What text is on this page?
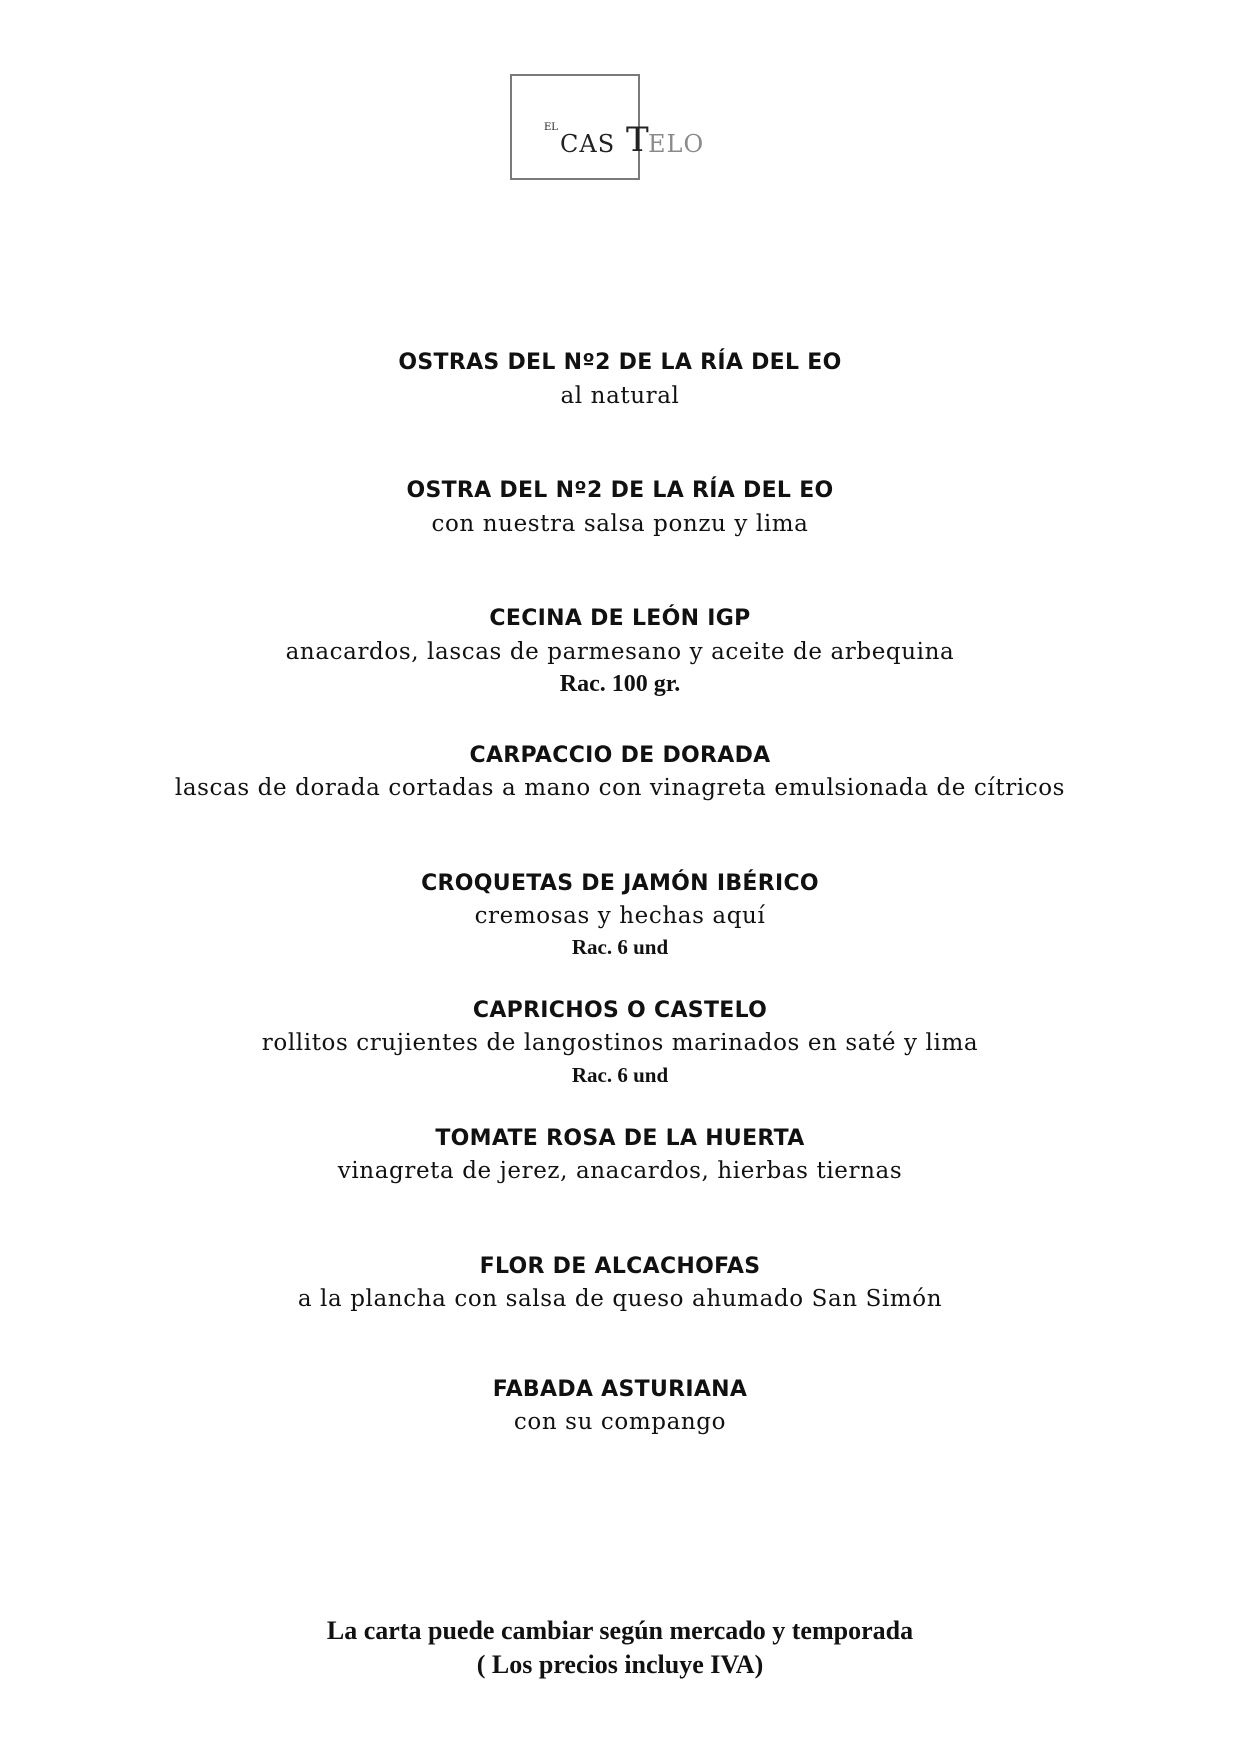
EL
CAS T ELO

OSTRAS DEL Nº2 DE LA RÍA DEL EO

al natural

OSTRA DEL Nº2 DE LA RÍA DEL EO

con nuestra salsa ponzu y lima

CECINA DE LEÓN IGP

anacardos, lascas de parmesano y aceite de arbequina

Rac. 100 gr.

CARPACCIO DE DORADA

lascas de dorada cortadas a mano con vinagreta emulsionada de cítricos

CROQUETAS DE JAMÓN IBÉRICO

cremosas y hechas aquí

Rac. 6 und

CAPRICHOS O CASTELO

rollitos crujientes de langostinos marinados en saté y lima

Rac. 6 und

TOMATE ROSA DE LA HUERTA

vinagreta de jerez, anacardos, hierbas tiernas

FLOR DE ALCACHOFAS

a la plancha con salsa de queso ahumado San Simón

FABADA ASTURIANA

con su compango

La carta puede cambiar según mercado y temporada

( Los precios incluye IVA)
